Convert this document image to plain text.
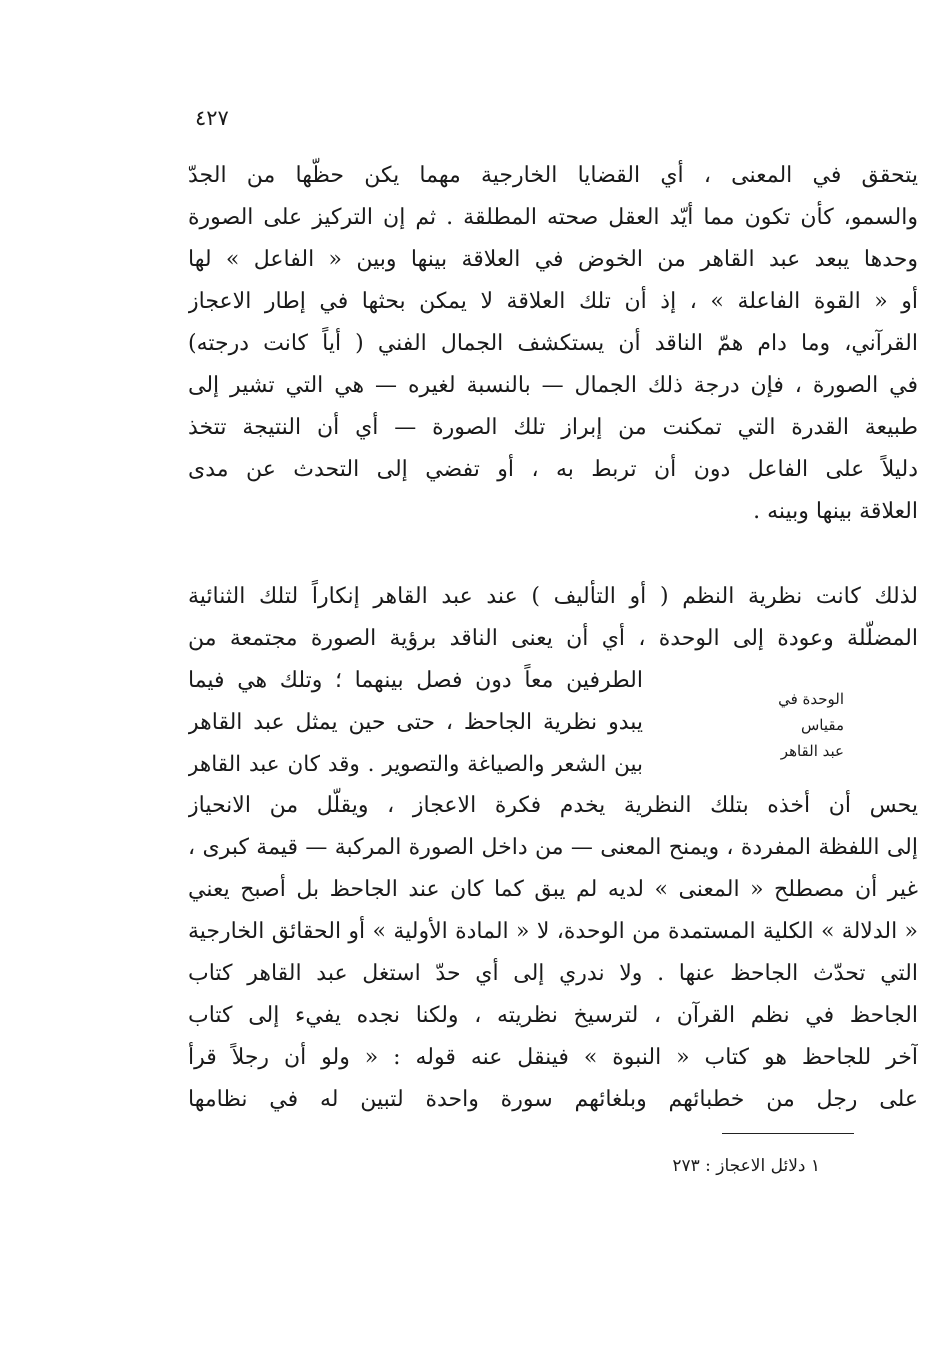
٤٢٧
يتحقق في المعنى ، أي القضايا الخارجية مهما يكن حظّها من الجدّ
والسمو، كأن تكون مما أيّد العقل صحته المطلقة . ثم إن التركيز على الصورة
وحدها يبعد عبد القاهر من الخوض في العلاقة بينها وبين « الفاعل » لها
أو « القوة الفاعلة » ، إذ أن تلك العلاقة لا يمكن بحثها في إطار الاعجاز
القرآني، وما دام همّ الناقد أن يستكشف الجمال الفني ( أياً كانت درجته)
في الصورة ، فإن درجة ذلك الجمال — بالنسبة لغيره — هي التي تشير إلى
طبيعة القدرة التي تمكنت من إبراز تلك الصورة — أي أن النتيجة تتخذ
دليلاً على الفاعل دون أن تربط به ، أو تفضي إلى التحدث عن مدى
العلاقة بينها وبينه .
لذلك كانت نظرية النظم ( أو التأليف ) عند عبد القاهر إنكاراً لتلك الثنائية
المضلّلة وعودة إلى الوحدة ، أي أن يعنى الناقد برؤية الصورة مجتمعة من
الطرفين معاً دون فصل بينهما ؛ وتلك هي فيما
يبدو نظرية الجاحظ ، حتى حين يمثل عبد القاهر
بين الشعر والصياغة والتصوير . وقد كان عبد القاهر
الوحدة في مقياس
عبد القاهر
يحس أن أخذه بتلك النظرية يخدم فكرة الاعجاز ، ويقلّل من الانحياز
إلى اللفظة المفردة ، ويمنح المعنى — من داخل الصورة المركبة — قيمة كبرى ،
غير أن مصطلح « المعنى » لديه لم يبق كما كان عند الجاحظ بل أصبح يعني
« الدلالة » الكلية المستمدة من الوحدة، لا « المادة الأولية » أو الحقائق الخارجية
التي تحدّث الجاحظ عنها . ولا ندري إلى أي حدّ استغل عبد القاهر كتاب
الجاحظ في نظم القرآن ، لترسيخ نظريته ، ولكنا نجده يفيء إلى كتاب
آخر للجاحظ هو كتاب « النبوة » فينقل عنه قوله : « ولو أن رجلاً قرأ
على رجل من خطبائهم وبلغائهم سورة واحدة لتبين له في نظامها
١ دلائل الاعجاز : ٢٧٣
